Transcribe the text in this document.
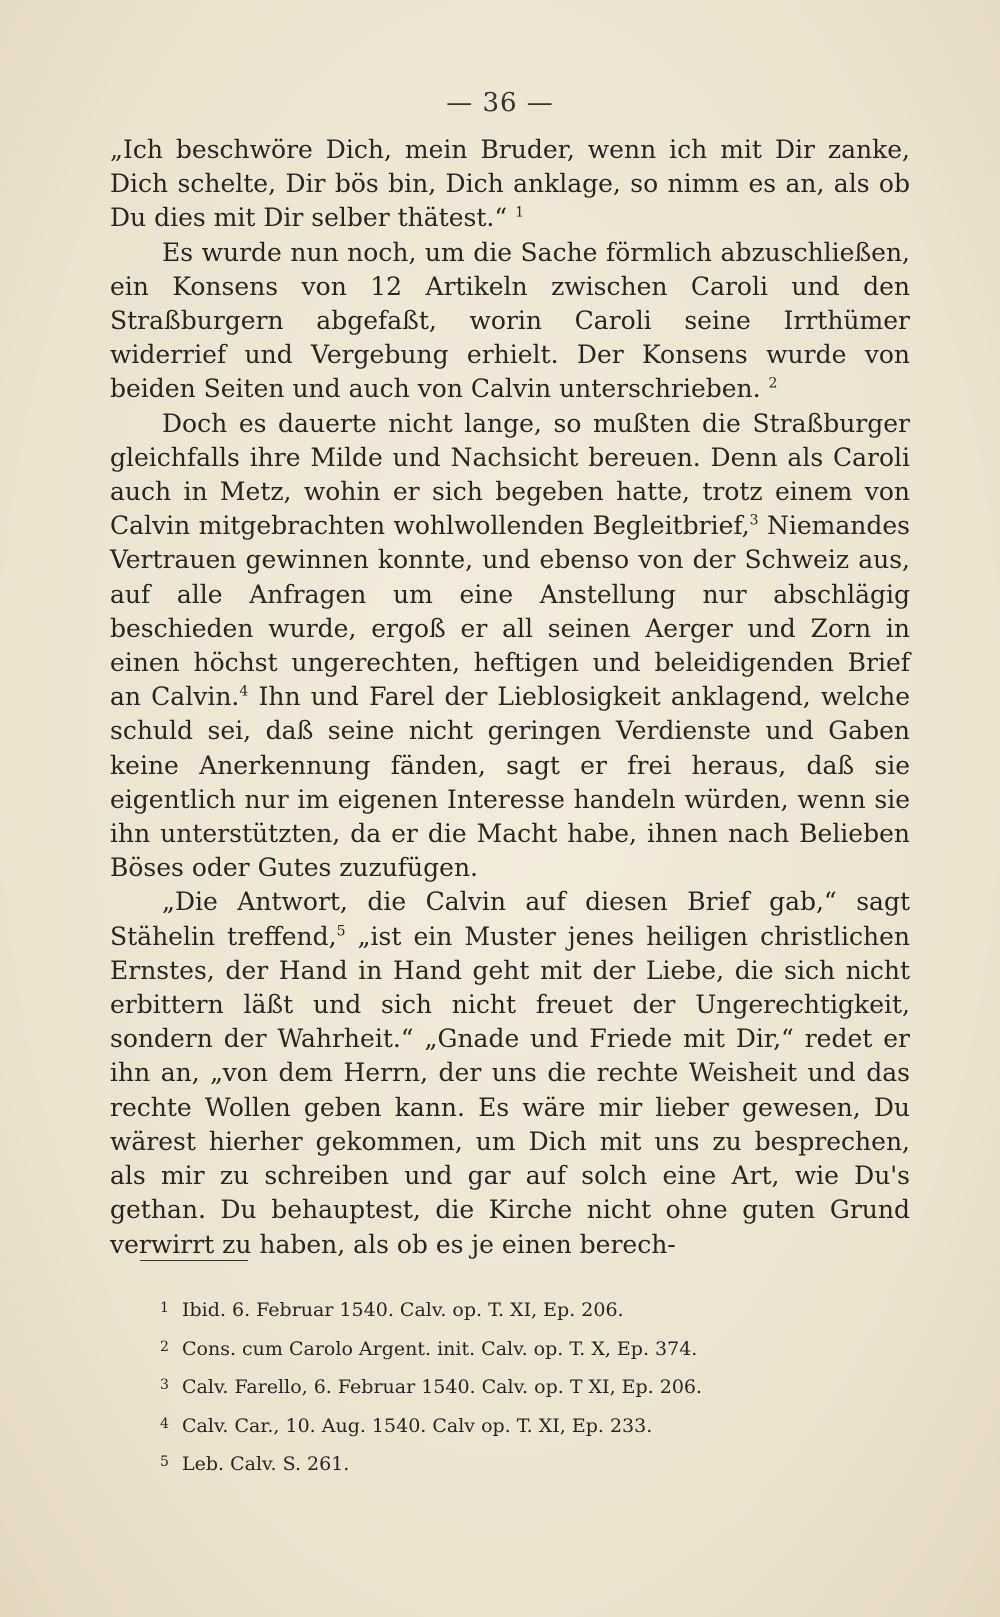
— 36 —

„Ich beschwöre Dich, mein Bruder, wenn ich mit Dir zanke, Dich schelte, Dir bös bin, Dich anklage, so nimm es an, als ob Du dies mit Dir selber thätest.“ $^1$

Es wurde nun noch, um die Sache förmlich abzuschließen, ein Konsens von 12 Artikeln zwischen Caroli und den Straßburgern abgefaßt, worin Caroli seine Irrthümer widerrief und Vergebung erhielt. Der Konsens wurde von beiden Seiten und auch von Calvin unterschrieben. $^2$

Doch es dauerte nicht lange, so mußten die Straßburger gleichfalls ihre Milde und Nachsicht bereuen. Denn als Caroli auch in Metz, wohin er sich begeben hatte, trotz einem von Calvin mitgebrachten wohlwollenden Begleitbrief,$^3$ Niemandes Vertrauen gewinnen konnte, und ebenso von der Schweiz aus, auf alle Anfragen um eine Anstellung nur abschlägig beschieden wurde, ergoß er all seinen Aerger und Zorn in einen höchst ungerechten, heftigen und beleidigenden Brief an Calvin.$^4$ Ihn und Farel der Lieblosigkeit anklagend, welche schuld sei, daß seine nicht geringen Verdienste und Gaben keine Anerkennung fänden, sagt er frei heraus, daß sie eigentlich nur im eigenen Interesse handeln würden, wenn sie ihn unterstützten, da er die Macht habe, ihnen nach Belieben Böses oder Gutes zuzufügen.

„Die Antwort, die Calvin auf diesen Brief gab,“ sagt Stähelin treffend,$^5$ „ist ein Muster jenes heiligen christlichen Ernstes, der Hand in Hand geht mit der Liebe, die sich nicht erbittern läßt und sich nicht freuet der Ungerechtigkeit, sondern der Wahrheit.“ „Gnade und Friede mit Dir,“ redet er ihn an, „von dem Herrn, der uns die rechte Weisheit und das rechte Wollen geben kann. Es wäre mir lieber gewesen, Du wärest hierher gekommen, um Dich mit uns zu besprechen, als mir zu schreiben und gar auf solch eine Art, wie Du's gethan. Du behauptest, die Kirche nicht ohne guten Grund verwirrt zu haben, als ob es je einen berech-

1 Ibid. 6. Februar 1540. Calv. op. T. XI, Ep. 206.
2 Cons. cum Carolo Argent. init. Calv. op. T. X, Ep. 374.
3 Calv. Farello, 6. Februar 1540. Calv. op. T XI, Ep. 206.
4 Calv. Car., 10. Aug. 1540. Calv op. T. XI, Ep. 233.
5 Leb. Calv. S. 261.
